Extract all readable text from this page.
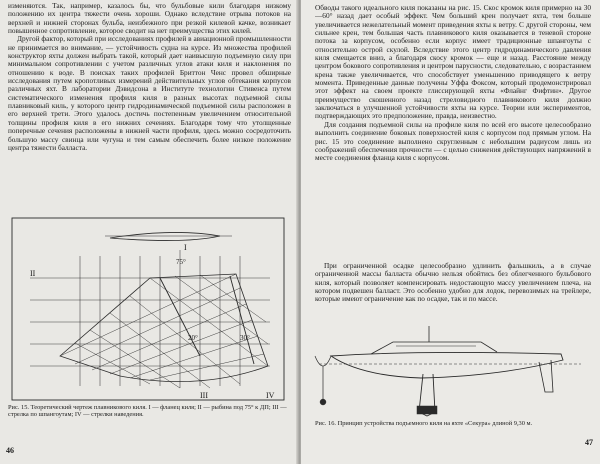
изменяются. Так, например, казалось бы, что бульбовые кили благодаря низкому положению их центра тяжести очень хороши. Однако вследствие отрыва потоков на верхней и нижней сторонах бульба, неизбежного при резкой килевой качке, возникает повышенное сопротивление, которое сводит на нет преимущества этих килей.

Другой фактор, который при исследованиях профилей в авиационной промышленности не принимается во внимание, — устойчивость судна на курсе. Из множества профилей конструктор яхты должен выбрать такой, который дает наивысшую подъемную силу при минимальном сопротивлении с учетом различных углов атаки киля и наклонения по отношению к воде. В поисках таких профилей Бриттон Ченс провел обширные исследования путем кропотливых измерений действительных углов обтекания корпусов различных яхт. В лаборатории Дэвидсона в Институте технологии Стивенса путем систематического изменения профиля киля в разных высотах подъемной силы плавниковый киль, у которого центр гидродинамической подъемной силы расположен в его верхней трети. Этого удалось достичь постепенным увеличением относительной толщины профиля киля в его нижних сечениях. Благодаря тому что утолщенные поперечные сечения расположены в нижней части профиля, здесь можно сосредоточить большую массу свинца или чугуна и тем самым обеспечить более низкое положение центра тяжести балласта.

I
II
III	IV
75°
20°	30°
Рис. 15. Теоретический чертеж плавникового киля. I — фланец киля; II — рыбина под 75° к ДП; III — стрелка по шпангоутам; IV — стрелки наведения.
46

Обводы такого идеального киля показаны на рис. 15. Скос кромок киля примерно на 30—60° назад дает особый эффект. Чем больший крен получает яхта, тем больше увеличивается нежелательный момент приведения яхты к ветру. С другой стороны, чем сильнее крен, тем большая часть плавникового киля оказывается в теневой стороне потока за корпусом, особенно если корпус имеет традиционные шпангоуты с относительно острой скулой. Вследствие этого центр гидродинамического давления киля смещается вниз, а благодаря скосу кромок — еще и назад. Расстояние между центром бокового сопротивления и центром парусности, следовательно, с возрастанием крена также увеличивается, что способствует уменьшению приводящего к ветру момента. Приведенные данные получены Уффа Фоксом, который продемонстрировал этот эффект на своем проекте глиссирующей яхты «Флайнг Фифтин». Другое преимущество скошенного назад стреловидного плавникового киля должно заключаться в улучшенной устойчивости яхты на курсе. Теории или экспериментов, подтверждающих это предположение, правда, неизвестно.

Для создания подъемной силы на профиле киля по всей его высоте целесообразно выполнить соединение боковых поверхностей киля с корпусом под прямым углом. На рис. 15 это соединение выполнено скругленным с небольшим радиусом лишь из соображений обеспечения прочности — с целью снижения действующих напряжений в месте соединения фланца киля с корпусом.

При ограниченной осадке целесообразно удлинить фальшкиль, а в случае ограниченной массы балласта обычно нельзя обойтись без облегченного бульбового киля, который позволяет компенсировать недостающую массу увеличением плеча, на котором подвешен балласт. Это особенно удобно для лодок, перевозимых на трейлере, которые имеют ограничение как по осадке, так и по массе.

Рис. 16. Принцип устройства подъемного киля на яхте «Секура» длиной 9,30 м.
47
